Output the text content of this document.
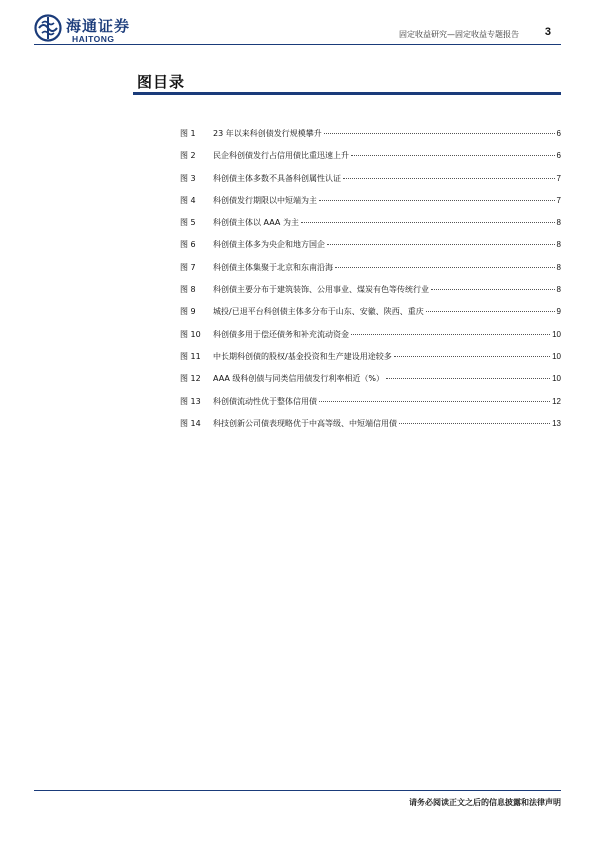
海通证券
HAITONG	固定收益研究—固定收益专题报告 3
图目录
图 1	23 年以来科创债发行规模攀升	6
图 2	民企科创债发行占信用债比重迅速上升	6
图 3	科创债主体多数不具备科创属性认证	7
图 4	科创债发行期限以中短端为主	7
图 5	科创债主体以 AAA 为主	8
图 6	科创债主体多为央企和地方国企	8
图 7	科创债主体集聚于北京和东南沿海	8
图 8	科创债主要分布于建筑装饰、公用事业、煤炭有色等传统行业	8
图 9	城投/已退平台科创债主体多分布于山东、安徽、陕西、重庆	9
图 10	科创债多用于偿还债务和补充流动资金	10
图 11	中长期科创债的股权/基金投资和生产建设用途较多	10
图 12	AAA 级科创债与同类信用债发行利率相近（%）	10
图 13	科创债流动性优于整体信用债	12
图 14	科技创新公司债表现略优于中高等级、中短端信用债	13
请务必阅读正文之后的信息披露和法律声明
